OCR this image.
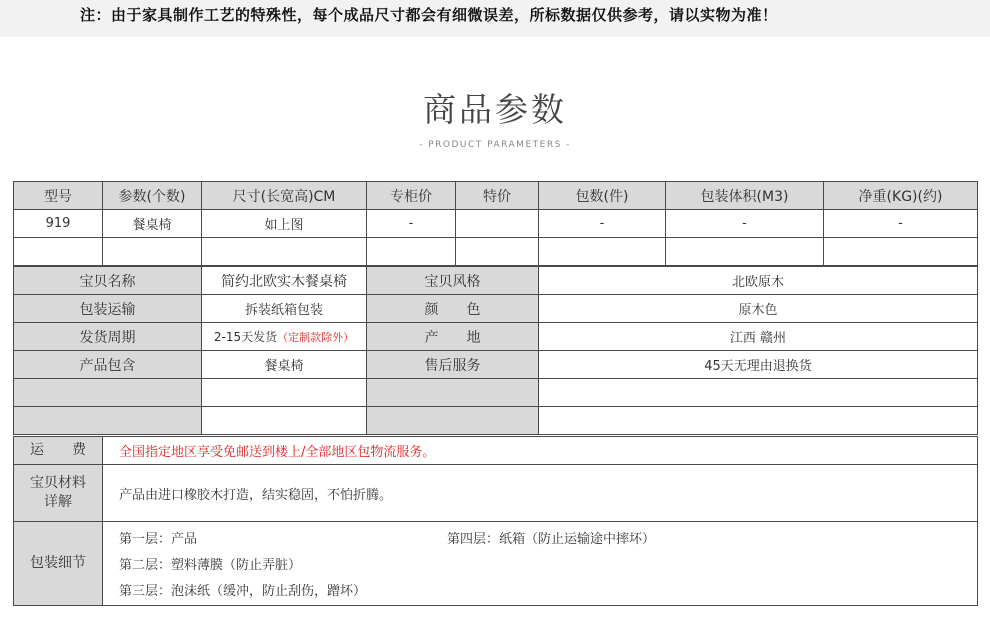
注：由于家具制作工艺的特殊性，每个成品尺寸都会有细微误差，所标数据仅供参考，请以实物为准！
商品参数
- PRODUCT PARAMETERS -
型号	参数(个数)	尺寸(长宽高)CM	专柜价	特价	包数(件)	包装体积(M3)	净重(KG)(约)
919	餐桌椅	如上图	-		-	-	-

宝贝名称	简约北欧实木餐桌椅	宝贝风格	北欧原木
包装运输	拆装纸箱包装	颜　　色	原木色
发货周期	2-15天发货（定制款除外）	产　　地	江西 赣州
产品包含	餐桌椅	售后服务	45天无理由退换货

运　　费	全国指定地区享受免邮送到楼上/全部地区包物流服务。

宝贝材料
详解	产品由进口橡胶木打造，结实稳固，不怕折腾。
包装细节	第一层：产品
第二层：塑料薄膜（防止弄脏）
第三层：泡沫纸（缓冲，防止刮伤，蹭坏）
第四层：纸箱（防止运输途中摔坏）
